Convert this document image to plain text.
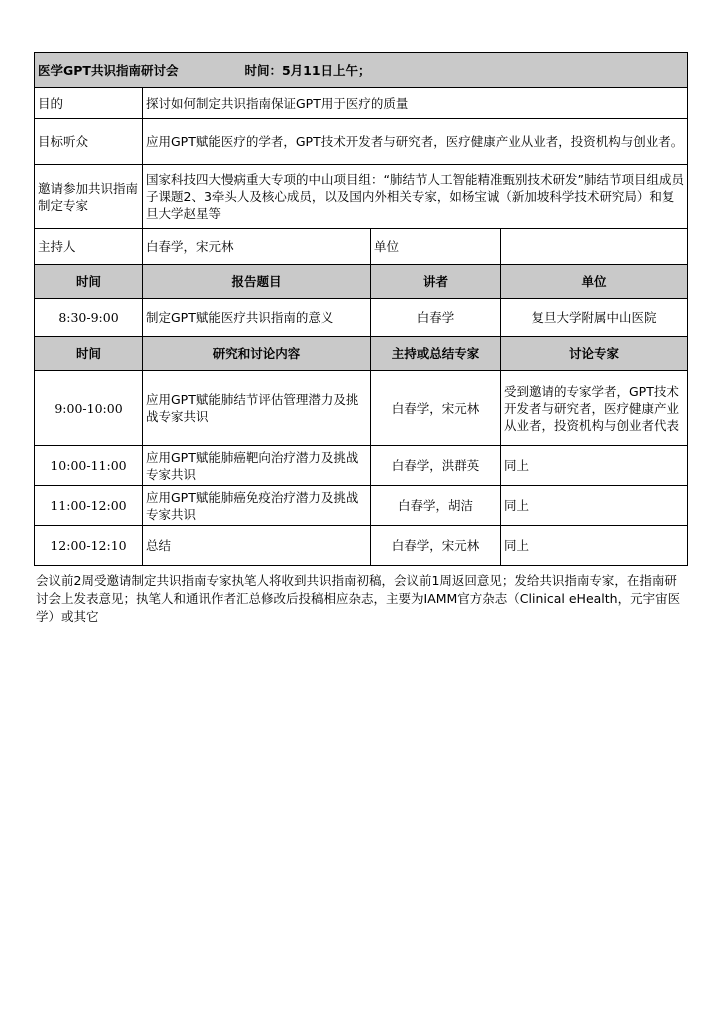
医学GPT共识指南研讨会 时间：5月11日上午；			
目的	探讨如何制定共识指南保证GPT用于医疗的质量		
目标听众	应用GPT赋能医疗的学者，GPT技术开发者与研究者，医疗健康产业从业者，投资机构与创业者。		
邀请参加共识指南制定专家	国家科技四大慢病重大专项的中山项目组：“肺结节人工智能精准甄别技术研发”肺结节项目组成员子课题2、3牵头人及核心成员，以及国内外相关专家，如杨宝诚（新加坡科学技术研究局）和复旦大学赵星等		
主持人	白春学，宋元林	单位	
时间	报告题目	讲者	单位
8:30-9:00	制定GPT赋能医疗共识指南的意义	白春学	复旦大学附属中山医院
时间	研究和讨论内容	主持或总结专家	讨论专家
9:00-10:00	应用GPT赋能肺结节评估管理潜力及挑战专家共识	白春学，宋元林	受到邀请的专家学者，GPT技术开发者与研究者，医疗健康产业从业者，投资机构与创业者代表
10:00-11:00	应用GPT赋能肺癌靶向治疗潜力及挑战专家共识	白春学，洪群英	同上
11:00-12:00	应用GPT赋能肺癌免疫治疗潜力及挑战专家共识	白春学，胡洁	同上
12:00-12:10	总结	白春学，宋元林	同上
会议前2周受邀请制定共识指南专家执笔人将收到共识指南初稿，会议前1周返回意见；发给共识指南专家，在指南研讨会上发表意见；执笔人和通讯作者汇总修改后投稿相应杂志，主要为IAMM官方杂志（Clinical eHealth，元宇宙医学）或其它
